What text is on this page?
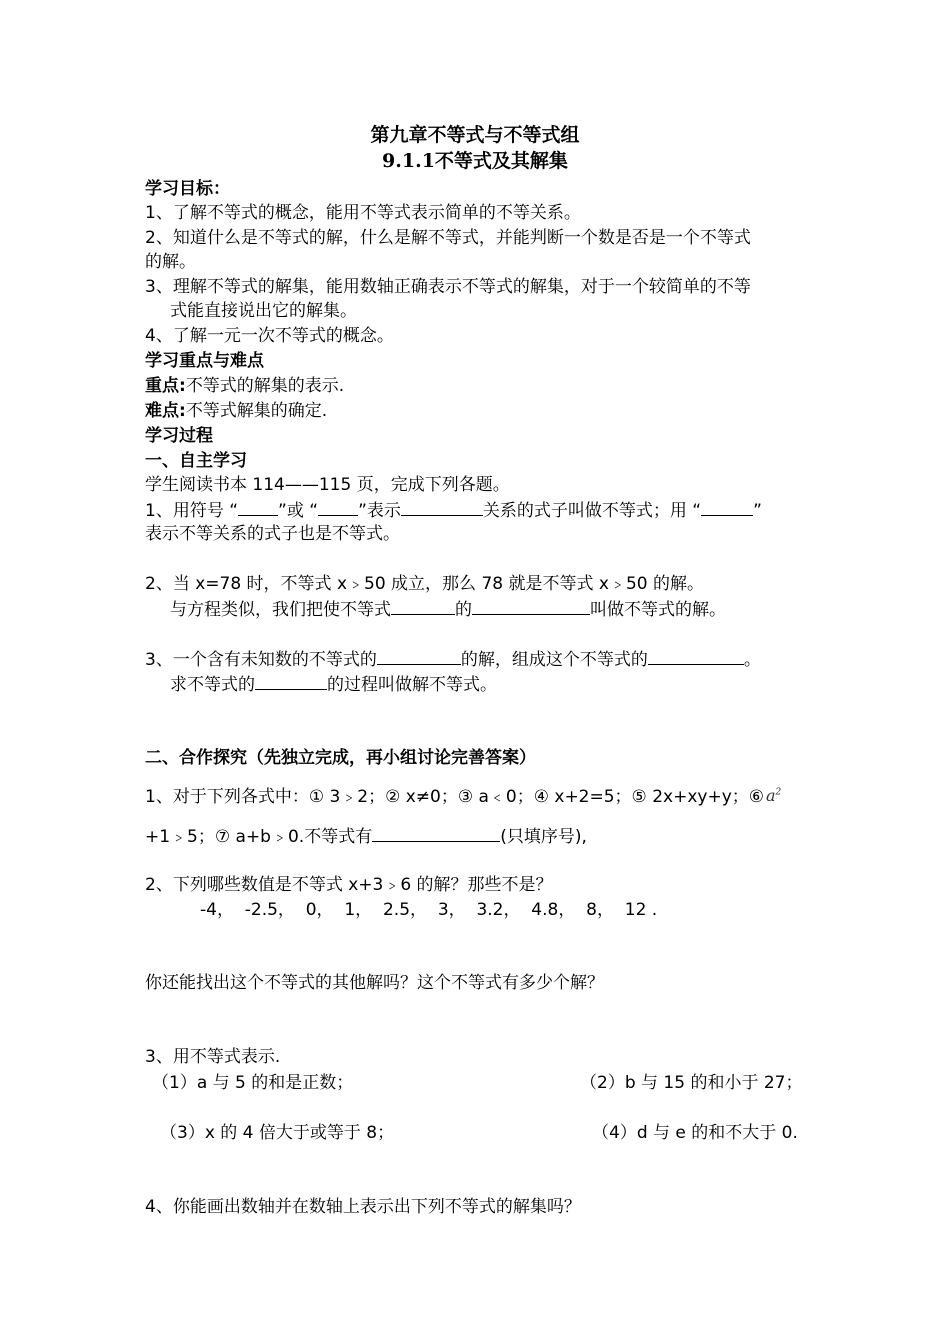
第九章不等式与不等式组
9.1.1不等式及其解集
学习目标：
1、了解不等式的概念，能用不等式表示简单的不等关系。
2、知道什么是不等式的解，什么是解不等式，并能判断一个数是否是一个不等式
的解。
3、理解不等式的解集，能用数轴正确表示不等式的解集，对于一个较简单的不等
式能直接说出它的解集。
4、了解一元一次不等式的概念。
学习重点与难点
重点:不等式的解集的表示.
难点:不等式解集的确定.
学习过程
一、自主学习
学生阅读书本 114——115 页，完成下列各题。
1、用符号 “ ”或 “ ”表示	关系的式子叫做不等式；用 “	”
表示不等关系的式子也是不等式。
2、当 x=78 时，不等式 x﹥50 成立，那么 78 就是不等式 x﹥50 的解。
与方程类似，我们把使不等式	的	叫做不等式的解。
3、一个含有未知数的不等式的	的解，组成这个不等式的	。
求不等式的	的过程叫做解不等式。
二、合作探究（先独立完成，再小组讨论完善答案）
1、对于下列各式中：① 3﹥2；② x≠0；③ a﹤0；④ x+2=5；⑤ 2x+xy+y；⑥ $a^2$
+1﹥5；⑦ a+b﹥0.不等式有	(只填序号),
2、下列哪些数值是不等式 x+3﹥6 的解？那些不是？
-4，  -2.5，  0，  1，  2.5，  3，  3.2，  4.8，  8，  12 .
你还能找出这个不等式的其他解吗？这个不等式有多少个解？
3、用不等式表示.
（1）a 与 5 的和是正数；	（2）b 与 15 的和小于 27；
（3）x 的 4 倍大于或等于 8；	（4）d 与 e 的和不大于 0.
4、你能画出数轴并在数轴上表示出下列不等式的解集吗？
